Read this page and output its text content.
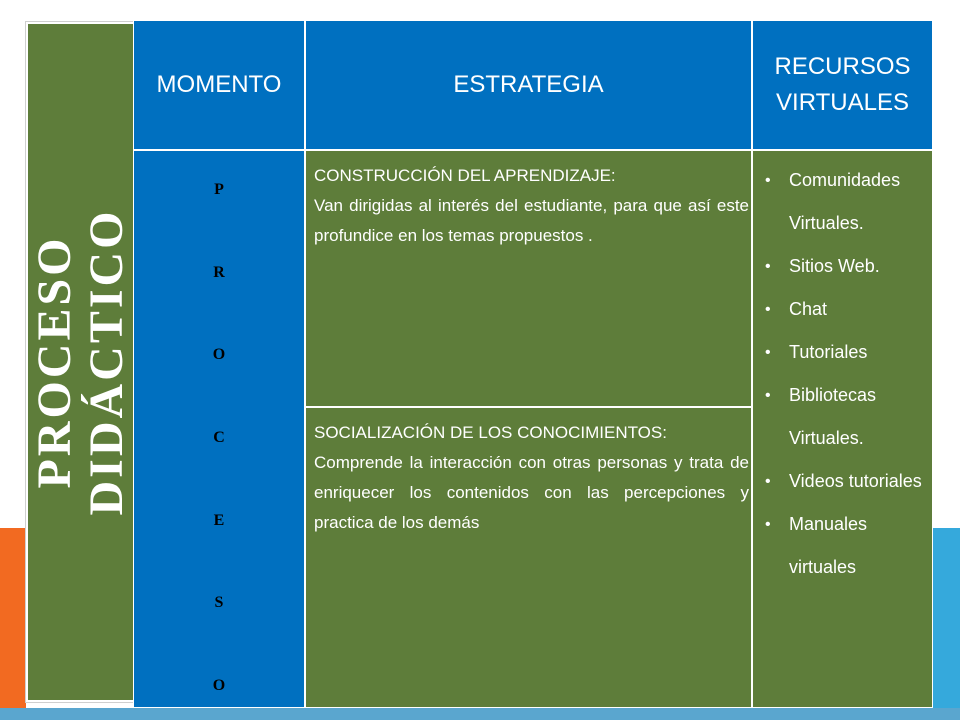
PROCESO DIDÁCTICO
MOMENTO	ESTRATEGIA
RECURSOS
VIRTUALES
P
R
O
C
E
S
O
CONSTRUCCIÓN DEL APRENDIZAJE:
Van dirigidas al interés del estudiante, para que así este profundice en los temas propuestos .
SOCIALIZACIÓN DE LOS CONOCIMIENTOS:
Comprende la interacción con otras personas y trata de enriquecer los contenidos con las percepciones y practica de los demás
• Comunidades Virtuales.
• Sitios Web.
• Chat
• Tutoriales
• Bibliotecas Virtuales.
• Videos tutoriales
• Manuales virtuales
